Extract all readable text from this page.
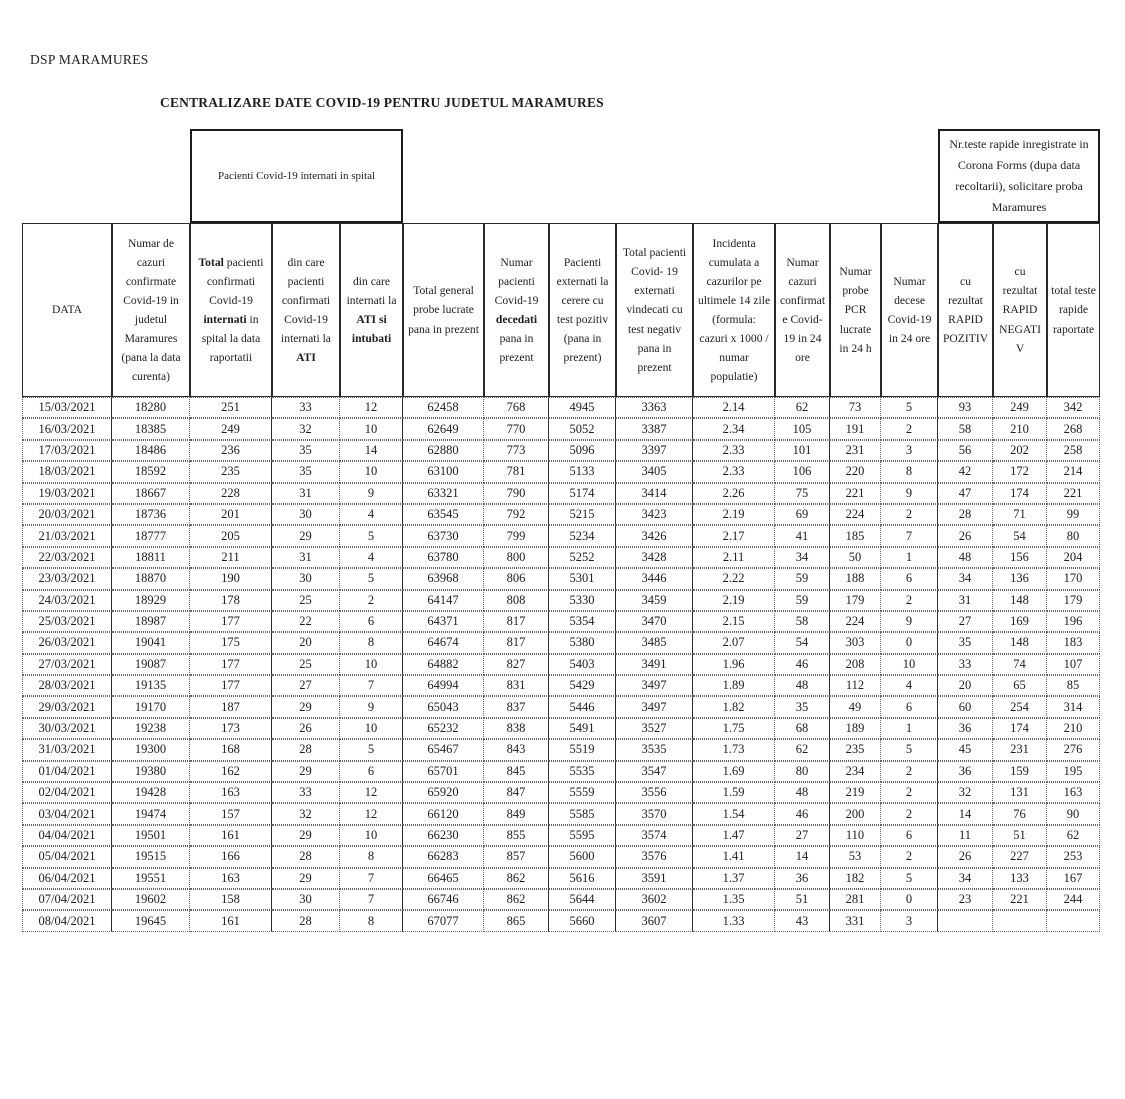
DSP MARAMURES
CENTRALIZARE DATE COVID-19 PENTRU JUDETUL MARAMURES
		Pacienti Covid-19 internati in spital											Nr.teste rapide inregistrate in Corona Forms (dupa data recoltarii), solicitare proba Maramures		
DATA	Numar de cazuri confirmate Covid-19 in judetul Maramures (pana la data curenta)	Total pacienti confirmati Covid-19 internati in spital la data raportatii	din care pacienti confirmati Covid-19 internati la ATI	din care internati la ATI si intubati	Total general probe lucrate pana in prezent	Numar pacienti Covid-19 decedati pana in prezent	Pacienti externati la cerere cu test pozitiv (pana in prezent)	Total pacienti Covid- 19 externati vindecati cu test negativ pana in prezent	Incidenta cumulata a cazurilor pe ultimele 14 zile (formula: cazuri x 1000 / numar populatie)	Numar cazuri confirmate Covid-19 in 24 ore	Numar probe PCR lucrate in 24 h	Numar decese Covid-19 in 24 ore	cu rezultat RAPID POZITIV	cu rezultat RAPID NEGATIV	total teste rapide raportate
15/03/2021	18280	251	33	12	62458	768	4945	3363	2.14	62	73	5	93	249	342
16/03/2021	18385	249	32	10	62649	770	5052	3387	2.34	105	191	2	58	210	268
17/03/2021	18486	236	35	14	62880	773	5096	3397	2.33	101	231	3	56	202	258
18/03/2021	18592	235	35	10	63100	781	5133	3405	2.33	106	220	8	42	172	214
19/03/2021	18667	228	31	9	63321	790	5174	3414	2.26	75	221	9	47	174	221
20/03/2021	18736	201	30	4	63545	792	5215	3423	2.19	69	224	2	28	71	99
21/03/2021	18777	205	29	5	63730	799	5234	3426	2.17	41	185	7	26	54	80
22/03/2021	18811	211	31	4	63780	800	5252	3428	2.11	34	50	1	48	156	204
23/03/2021	18870	190	30	5	63968	806	5301	3446	2.22	59	188	6	34	136	170
24/03/2021	18929	178	25	2	64147	808	5330	3459	2.19	59	179	2	31	148	179
25/03/2021	18987	177	22	6	64371	817	5354	3470	2.15	58	224	9	27	169	196
26/03/2021	19041	175	20	8	64674	817	5380	3485	2.07	54	303	0	35	148	183
27/03/2021	19087	177	25	10	64882	827	5403	3491	1.96	46	208	10	33	74	107
28/03/2021	19135	177	27	7	64994	831	5429	3497	1.89	48	112	4	20	65	85
29/03/2021	19170	187	29	9	65043	837	5446	3497	1.82	35	49	6	60	254	314
30/03/2021	19238	173	26	10	65232	838	5491	3527	1.75	68	189	1	36	174	210
31/03/2021	19300	168	28	5	65467	843	5519	3535	1.73	62	235	5	45	231	276
01/04/2021	19380	162	29	6	65701	845	5535	3547	1.69	80	234	2	36	159	195
02/04/2021	19428	163	33	12	65920	847	5559	3556	1.59	48	219	2	32	131	163
03/04/2021	19474	157	32	12	66120	849	5585	3570	1.54	46	200	2	14	76	90
04/04/2021	19501	161	29	10	66230	855	5595	3574	1.47	27	110	6	11	51	62
05/04/2021	19515	166	28	8	66283	857	5600	3576	1.41	14	53	2	26	227	253
06/04/2021	19551	163	29	7	66465	862	5616	3591	1.37	36	182	5	34	133	167
07/04/2021	19602	158	30	7	66746	862	5644	3602	1.35	51	281	0	23	221	244
08/04/2021	19645	161	28	8	67077	865	5660	3607	1.33	43	331	3			
